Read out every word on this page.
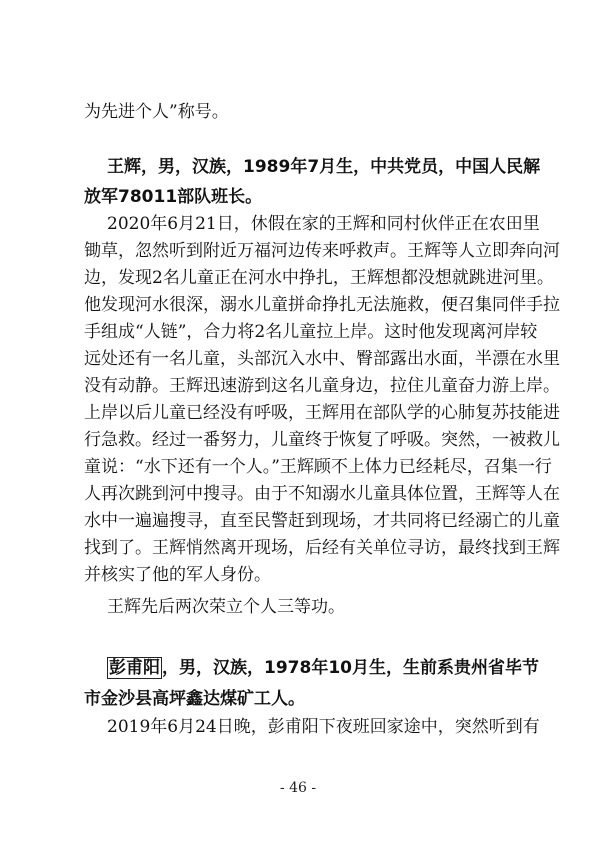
为先进个人”称号。
王辉，男，汉族，1989年7月生，中共党员，中国人民解
放军78011部队班长。
2020年6月21日，休假在家的王辉和同村伙伴正在农田里
锄草，忽然听到附近万福河边传来呼救声。王辉等人立即奔向河
边，发现2名儿童正在河水中挣扎，王辉想都没想就跳进河里。
他发现河水很深，溺水儿童拼命挣扎无法施救，便召集同伴手拉
手组成“人链”，合力将2名儿童拉上岸。这时他发现离河岸较
远处还有一名儿童，头部沉入水中、臀部露出水面，半漂在水里
没有动静。王辉迅速游到这名儿童身边，拉住儿童奋力游上岸。
上岸以后儿童已经没有呼吸，王辉用在部队学的心肺复苏技能进
行急救。经过一番努力，儿童终于恢复了呼吸。突然，一被救儿
童说：“水下还有一个人。”王辉顾不上体力已经耗尽，召集一行
人再次跳到河中搜寻。由于不知溺水儿童具体位置，王辉等人在
水中一遍遍搜寻，直至民警赶到现场，才共同将已经溺亡的儿童
找到了。王辉悄然离开现场，后经有关单位寻访，最终找到王辉
并核实了他的军人身份。
王辉先后两次荣立个人三等功。
彭甫阳 ，男，汉族，1978年10月生，生前系贵州省毕节
市金沙县高坪鑫达煤矿工人。
2019年6月24日晚，彭甫阳下夜班回家途中，突然听到有
- 46 -
